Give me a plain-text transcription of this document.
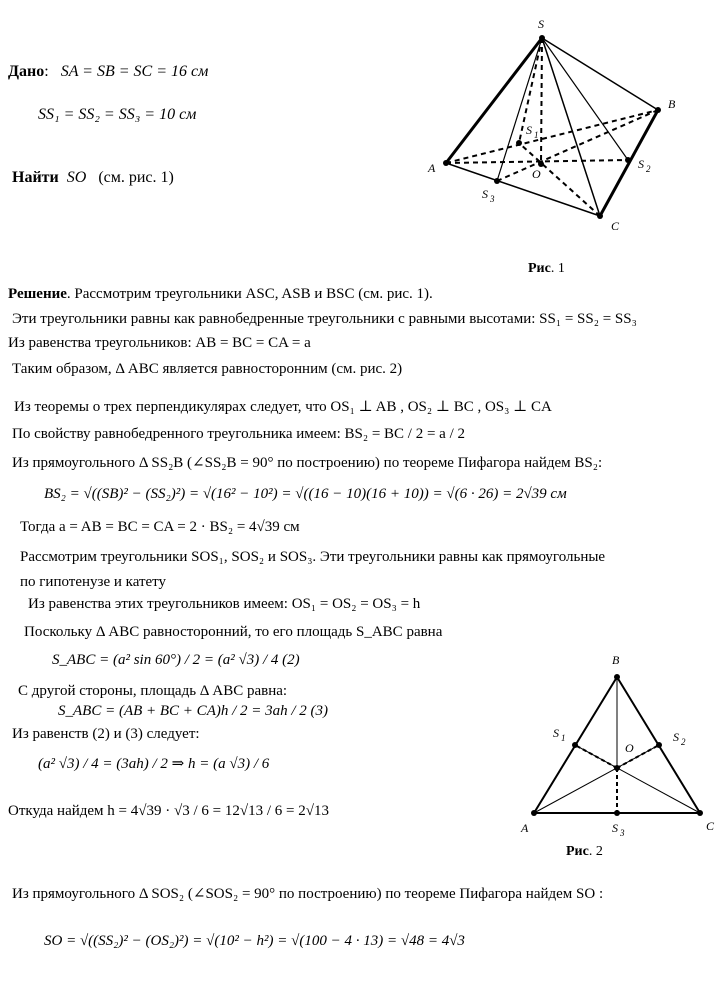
Дано:   SA = SB = SC = 16 см
SS₁ = SS₂ = SS₃ = 10 см
Найти SO (см. рис. 1)
S
A
B
C
O
S 1
S 2
S 3
Рис. 1
Решение. Рассмотрим треугольники ASC, ASB и BSC (см. рис. 1).
Эти треугольники равны как равнобедренные треугольники с равными высотами: SS₁ = SS₂ = SS₃
Из равенства треугольников: AB = BC = CA = a
Таким образом, Δ ABC является равносторонним (см. рис. 2)
Из теоремы о трех перпендикулярах следует, что OS₁ ⊥ AB , OS₂ ⊥ BC , OS₃ ⊥ CA
По свойству равнобедренного треугольника имеем: BS₂ = BC / 2 = a / 2
Из прямоугольного Δ SS₂B (∠SS₂B = 90° по построению) по теореме Пифагора найдем BS₂:
BS₂ = √((SB)² − (SS₂)²) = √(16² − 10²) = √((16 − 10)(16 + 10)) = √(6 · 26) = 2√39 см
Тогда a = AB = BC = CA = 2 · BS₂ = 4√39 см
Рассмотрим треугольники SOS₁, SOS₂ и SOS₃. Эти треугольники равны как прямоугольные
по гипотенузе и катету
Из равенства этих треугольников имеем: OS₁ = OS₂ = OS₃ = h
Поскольку Δ ABC равносторонний, то его площадь S_ABC равна
S_ABC = (a² sin 60°) / 2 = (a² √3) / 4 (2)
С другой стороны, площадь Δ ABC равна:
S_ABC = (AB + BC + CA)h / 2 = 3ah / 2 (3)
Из равенств (2) и (3) следует:
(a² √3) / 4 = (3ah) / 2 ⇒ h = (a √3) / 6
Откуда найдем h = 4√39 · √3 / 6 = 12√13 / 6 = 2√13
B
A	C
O
S 1	S 2
S 3
Рис. 2
Из прямоугольного Δ SOS₂ (∠SOS₂ = 90° по построению) по теореме Пифагора найдем SO :
SO = √((SS₂)² − (OS₂)²) = √(10² − h²) = √(100 − 4 · 13) = √48 = 4√3
